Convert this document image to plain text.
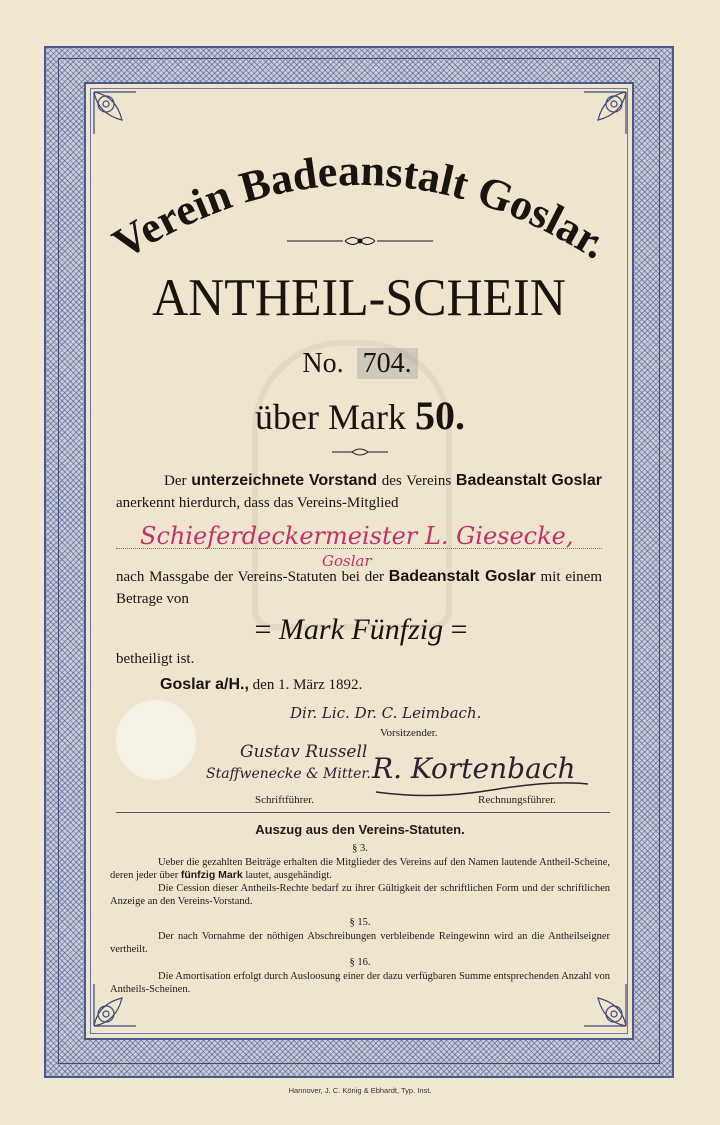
Verein Badeanstalt Goslar.
ANTHEIL-SCHEIN
No. 704.
über Mark 50.
Der unterzeichnete Vorstand des Vereins Badeanstalt Goslar anerkennt hierdurch, dass das Vereins-Mitglied
Schieferdeckermeister L. Giesecke,
Goslar
nach Massgabe der Vereins-Statuten bei der Badeanstalt Goslar mit einem Betrage von
= Mark Fünfzig =
betheiligt ist.
Goslar a/H., den 1. März 1892.
Dir. Lic. Dr. C. Leimbach.
Vorsitzender.
Gustav Russell
Staffwenecke & Mitter.
Schriftführer.
R. Kortenbach
Rechnungsführer.
Auszug aus den Vereins-Statuten.
§ 3.
Ueber die gezahlten Beiträge erhalten die Mitglieder des Vereins auf den Namen lautende Antheil-Scheine, deren jeder über fünfzig Mark lautet, ausgehändigt.
Die Cession dieser Antheils-Rechte bedarf zu ihrer Gültigkeit der schriftlichen Form und der schriftlichen Anzeige an den Vereins-Vorstand.
§ 15.
Der nach Vornahme der nöthigen Abschreibungen verbleibende Reingewinn wird an die Antheilseigner vertheilt.
§ 16.
Die Amortisation erfolgt durch Ausloosung einer der dazu verfügbaren Summe entsprechenden Anzahl von Antheils-Scheinen.
Hannover, J. C. König & Ebhardt, Typ. Inst.
